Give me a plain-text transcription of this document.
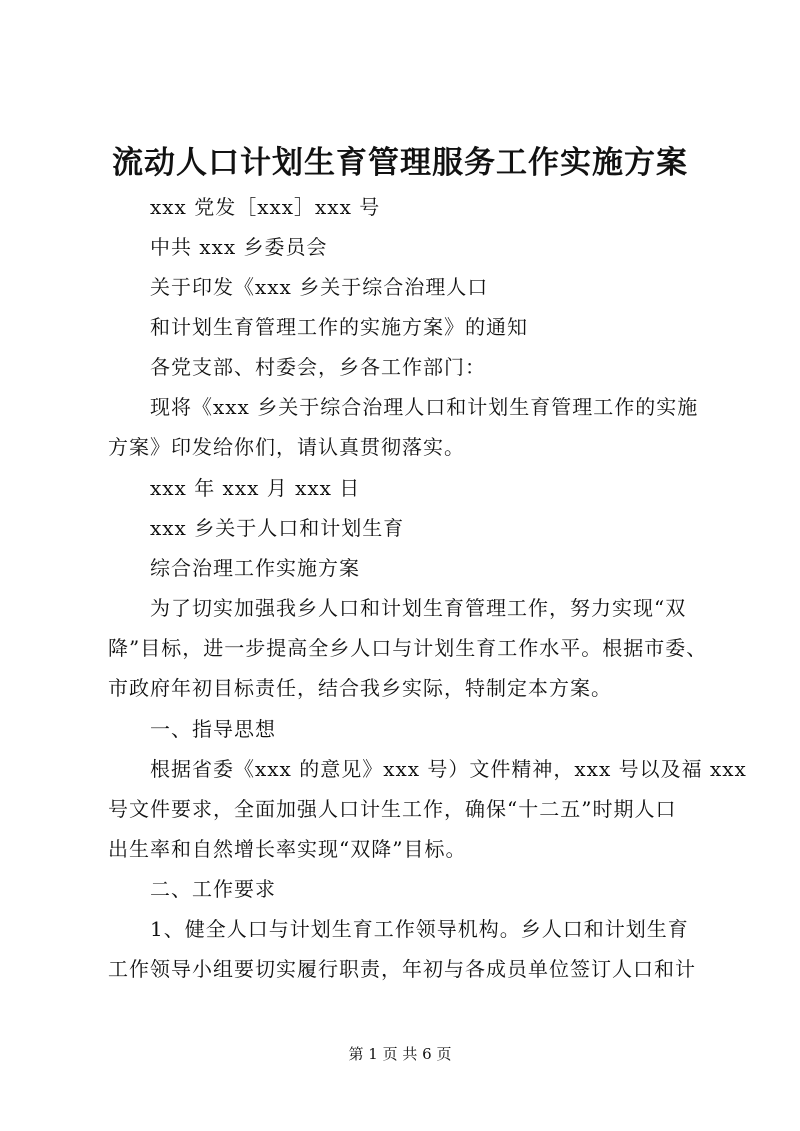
流动人口计划生育管理服务工作实施方案
xxx 党发［xxx］xxx 号
中共 xxx 乡委员会
关于印发《xxx 乡关于综合治理人口
和计划生育管理工作的实施方案》的通知
各党支部、村委会，乡各工作部门：
现将《xxx 乡关于综合治理人口和计划生育管理工作的实施
方案》印发给你们，请认真贯彻落实。
xxx 年 xxx 月 xxx 日
xxx 乡关于人口和计划生育
综合治理工作实施方案
为了切实加强我乡人口和计划生育管理工作，努力实现“双
降”目标，进一步提高全乡人口与计划生育工作水平。根据市委、
市政府年初目标责任，结合我乡实际，特制定本方案。
一、指导思想
根据省委《xxx 的意见》xxx 号）文件精神，xxx 号以及福 xxx
号文件要求，全面加强人口计生工作，确保“十二五”时期人口
出生率和自然增长率实现“双降”目标。
二、工作要求
1、健全人口与计划生育工作领导机构。乡人口和计划生育
工作领导小组要切实履行职责，年初与各成员单位签订人口和计
第 1 页 共 6 页
